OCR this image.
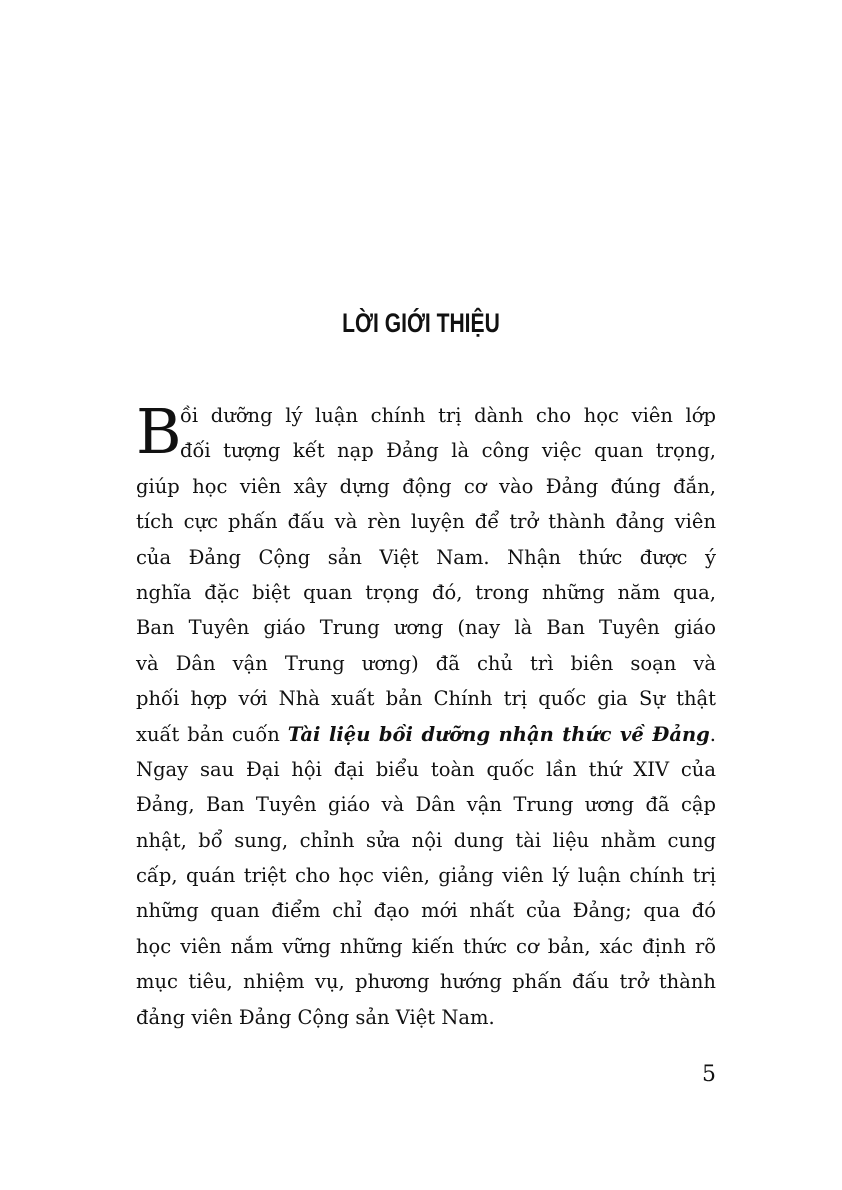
LỜI GIỚI THIỆU
B
ồi dưỡng lý luận chính trị dành cho học viên lớp
đối tượng kết nạp Đảng là công việc quan trọng,
giúp học viên xây dựng động cơ vào Đảng đúng đắn,
tích cực phấn đấu và rèn luyện để trở thành đảng viên
của Đảng Cộng sản Việt Nam. Nhận thức được ý
nghĩa đặc biệt quan trọng đó, trong những năm qua,
Ban Tuyên giáo Trung ương (nay là Ban Tuyên giáo
và Dân vận Trung ương) đã chủ trì biên soạn và
phối hợp với Nhà xuất bản Chính trị quốc gia Sự thật
xuất bản cuốn Tài liệu bồi dưỡng nhận thức về Đảng.
Ngay sau Đại hội đại biểu toàn quốc lần thứ XIV của
Đảng, Ban Tuyên giáo và Dân vận Trung ương đã cập
nhật, bổ sung, chỉnh sửa nội dung tài liệu nhằm cung
cấp, quán triệt cho học viên, giảng viên lý luận chính trị
những quan điểm chỉ đạo mới nhất của Đảng; qua đó
học viên nắm vững những kiến thức cơ bản, xác định rõ
mục tiêu, nhiệm vụ, phương hướng phấn đấu trở thành
đảng viên Đảng Cộng sản Việt Nam.
5
